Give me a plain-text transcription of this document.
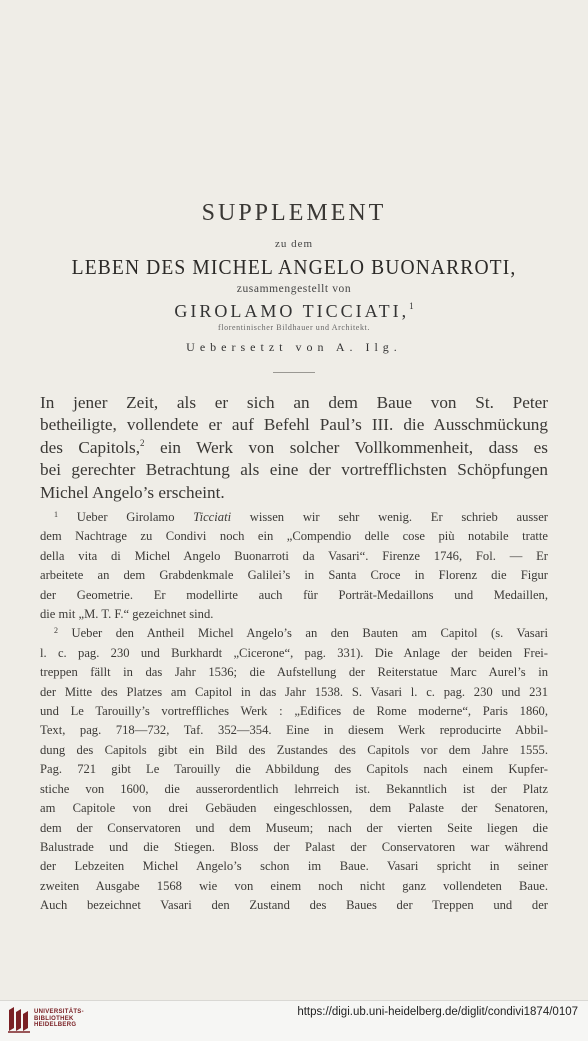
SUPPLEMENT
zu dem
LEBEN DES MICHEL ANGELO BUONARROTI,
zusammengestellt von
GIROLAMO TICCIATI,$^1$
florentinischer Bildhauer und Architekt.
Uebersetzt von A. Ilg.
In jener Zeit, als er sich an dem Baue von St. Peter
betheiligte, vollendete er auf Befehl Paul’s III. die Ausschmückung
des Capitols,$^2$ ein Werk von solcher Vollkommenheit, dass es
bei gerechter Betrachtung als eine der vortrefflichsten Schöpfungen
Michel Angelo’s erscheint.
$^1$ Ueber Girolamo Ticciati wissen wir sehr wenig. Er schrieb ausser
dem Nachtrage zu Condivi noch ein „Compendio delle cose più notabile tratte
della vita di Michel Angelo Buonarroti da Vasari“. Firenze 1746, Fol. — Er
arbeitete an dem Grabdenkmale Galilei’s in Santa Croce in Florenz die Figur
der Geometrie. Er modellirte auch für Porträt-Medaillons und Medaillen,
die mit „M. T. F.“ gezeichnet sind.
$^2$ Ueber den Antheil Michel Angelo’s an den Bauten am Capitol (s. Vasari
l. c. pag. 230 und Burkhardt „Cicerone“, pag. 331). Die Anlage der beiden Frei-
treppen fällt in das Jahr 1536; die Aufstellung der Reiterstatue Marc Aurel’s in
der Mitte des Platzes am Capitol in das Jahr 1538. S. Vasari l. c. pag. 230 und 231
und Le Tarouilly’s vortreffliches Werk : „Edifices de Rome moderne“, Paris 1860,
Text, pag. 718—732, Taf. 352—354. Eine in diesem Werk reproducirte Abbil-
dung des Capitols gibt ein Bild des Zustandes des Capitols vor dem Jahre 1555.
Pag. 721 gibt Le Tarouilly die Abbildung des Capitols nach einem Kupfer-
stiche von 1600, die ausserordentlich lehrreich ist. Bekanntlich ist der Platz
am Capitole von drei Gebäuden eingeschlossen, dem Palaste der Senatoren,
dem der Conservatoren und dem Museum; nach der vierten Seite liegen die
Balustrade und die Stiegen. Bloss der Palast der Conservatoren war während
der Lebzeiten Michel Angelo’s schon im Baue. Vasari spricht in seiner
zweiten Ausgabe 1568 wie von einem noch nicht ganz vollendeten Baue.
Auch bezeichnet Vasari den Zustand des Baues der Treppen und der
UNIVERSITÄTS-
BIBLIOTHEK
HEIDELBERG
https://digi.ub.uni-heidelberg.de/diglit/condivi1874/0107
